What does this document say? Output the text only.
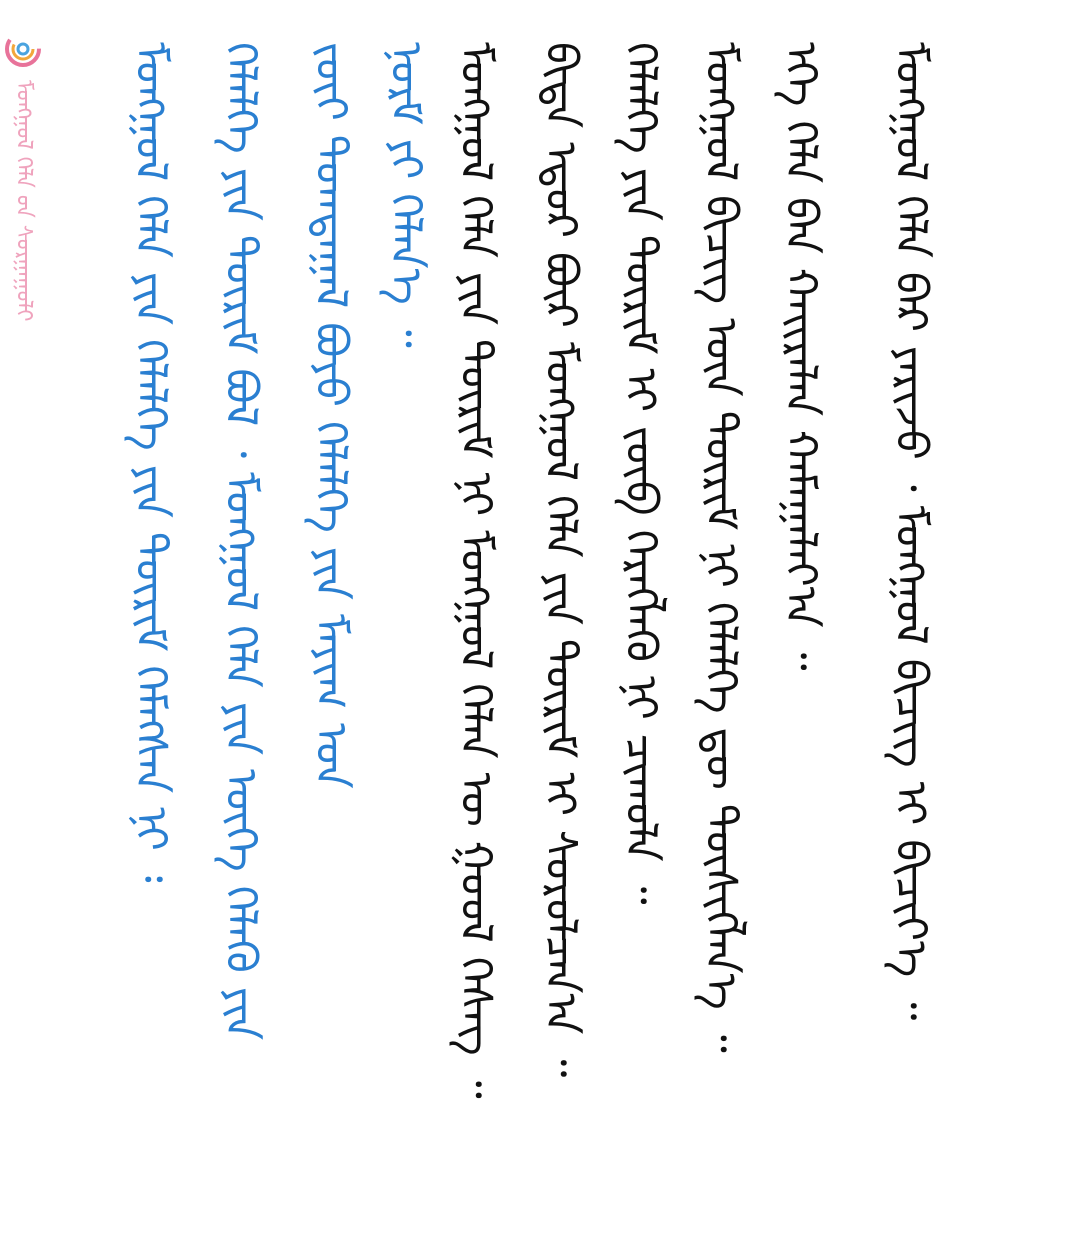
ᠮᠣᠩᠭᠣᠯ ᠬᠡᠯᠡ ᠤ᠋ᠨ ᠰᠤᠷᠭᠠᠭᠤᠯᠢ ᠮᠣᠩᠭᠣᠯ ᠬᠡᠯᠡ ᠶᠢᠨ ᠬᠡᠯᠡᠯᠭᠡ ᠶᠢᠨ ᠳᠦᠷᠢᠮ ᠬᠡᠮᠡᠭᠰᠡᠨ ᠨᠢ ᠄ ᠬᠡᠯᠡᠯᠭᠡ ᠶᠢᠨ ᠳᠦᠷᠢᠮ ᠪᠣᠯ ᠂ ᠮᠣᠩᠭᠣᠯ ᠬᠡᠯᠡ ᠶᠢᠨ ᠦᠭᠡ ᠬᠡᠯᠡᠬᠦ ᠶᠢᠨ ᠵᠦᠢ ᠲᠣᠭᠲᠠᠭᠠᠯ ᠪᠤᠶᠤ ᠬᠡᠯᠡᠯᠭᠡ ᠶᠢᠨ ᠮᠠᠶᠢᠭ ᠤᠨ ᠨᠣᠷᠮ ᠶᠢ ᠬᠡᠯᠡᠨ᠎ᠡ ᠃ ᠮᠣᠩᠭᠣᠯ ᠬᠡᠯᠡ ᠶᠢᠨ ᠳᠦᠷᠢᠮ ᠨᠢ ᠮᠣᠩᠭᠣᠯ ᠬᠡᠯᠡᠨ ᠦ ᠭᠣᠣᠯ ᠬᠡᠰᠡᠭ ᠃ ᠪᠢᠳᠡ ᠡᠳᠦᠷ ᠪᠦᠷ ᠮᠣᠩᠭᠣᠯ ᠬᠡᠯᠡ ᠶᠢᠨ ᠳᠦᠷᠢᠮ ᠢ ᠰᠤᠷᠤᠯᠴᠠᠨ᠎ᠠ ᠃ ᠬᠡᠯᠡᠯᠭᠡ ᠶᠢᠨ ᠳᠦᠷᠢᠮ ᠢ ᠵᠥᠪ ᠬᠡᠷᠡᠭᠯᠡᠬᠦ ᠨᠢ ᠴᠢᠬᠤᠯᠠ ᠃ ᠮᠣᠩᠭᠣᠯ ᠪᠢᠴᠢᠭ ᠦᠨ ᠳᠦᠷᠢᠮ ᠨᠢ ᠬᠡᠯᠡᠯᠭᠡ ᠳᠦ ᠲᠦᠰᠢᠭᠯᠡᠨ᠎ᠡ ᠃ ᠡᠬᠡ ᠬᠡᠯᠡ ᠪᠡᠨ ᠬᠠᠢᠷᠠᠯᠠᠨ ᠬᠠᠮᠠᠭᠠᠯᠠᠶ᠎ᠠ ᠃ ᠮᠣᠩᠭᠣᠯ ᠬᠡᠯᠡ ᠪᠠᠷ ᠶᠠᠷᠢᠵᠤ ᠂ ᠮᠣᠩᠭᠣᠯ ᠪᠢᠴᠢᠭ ᠢ ᠪᠢᠴᠢᠶ᠎ᠡ ᠃
